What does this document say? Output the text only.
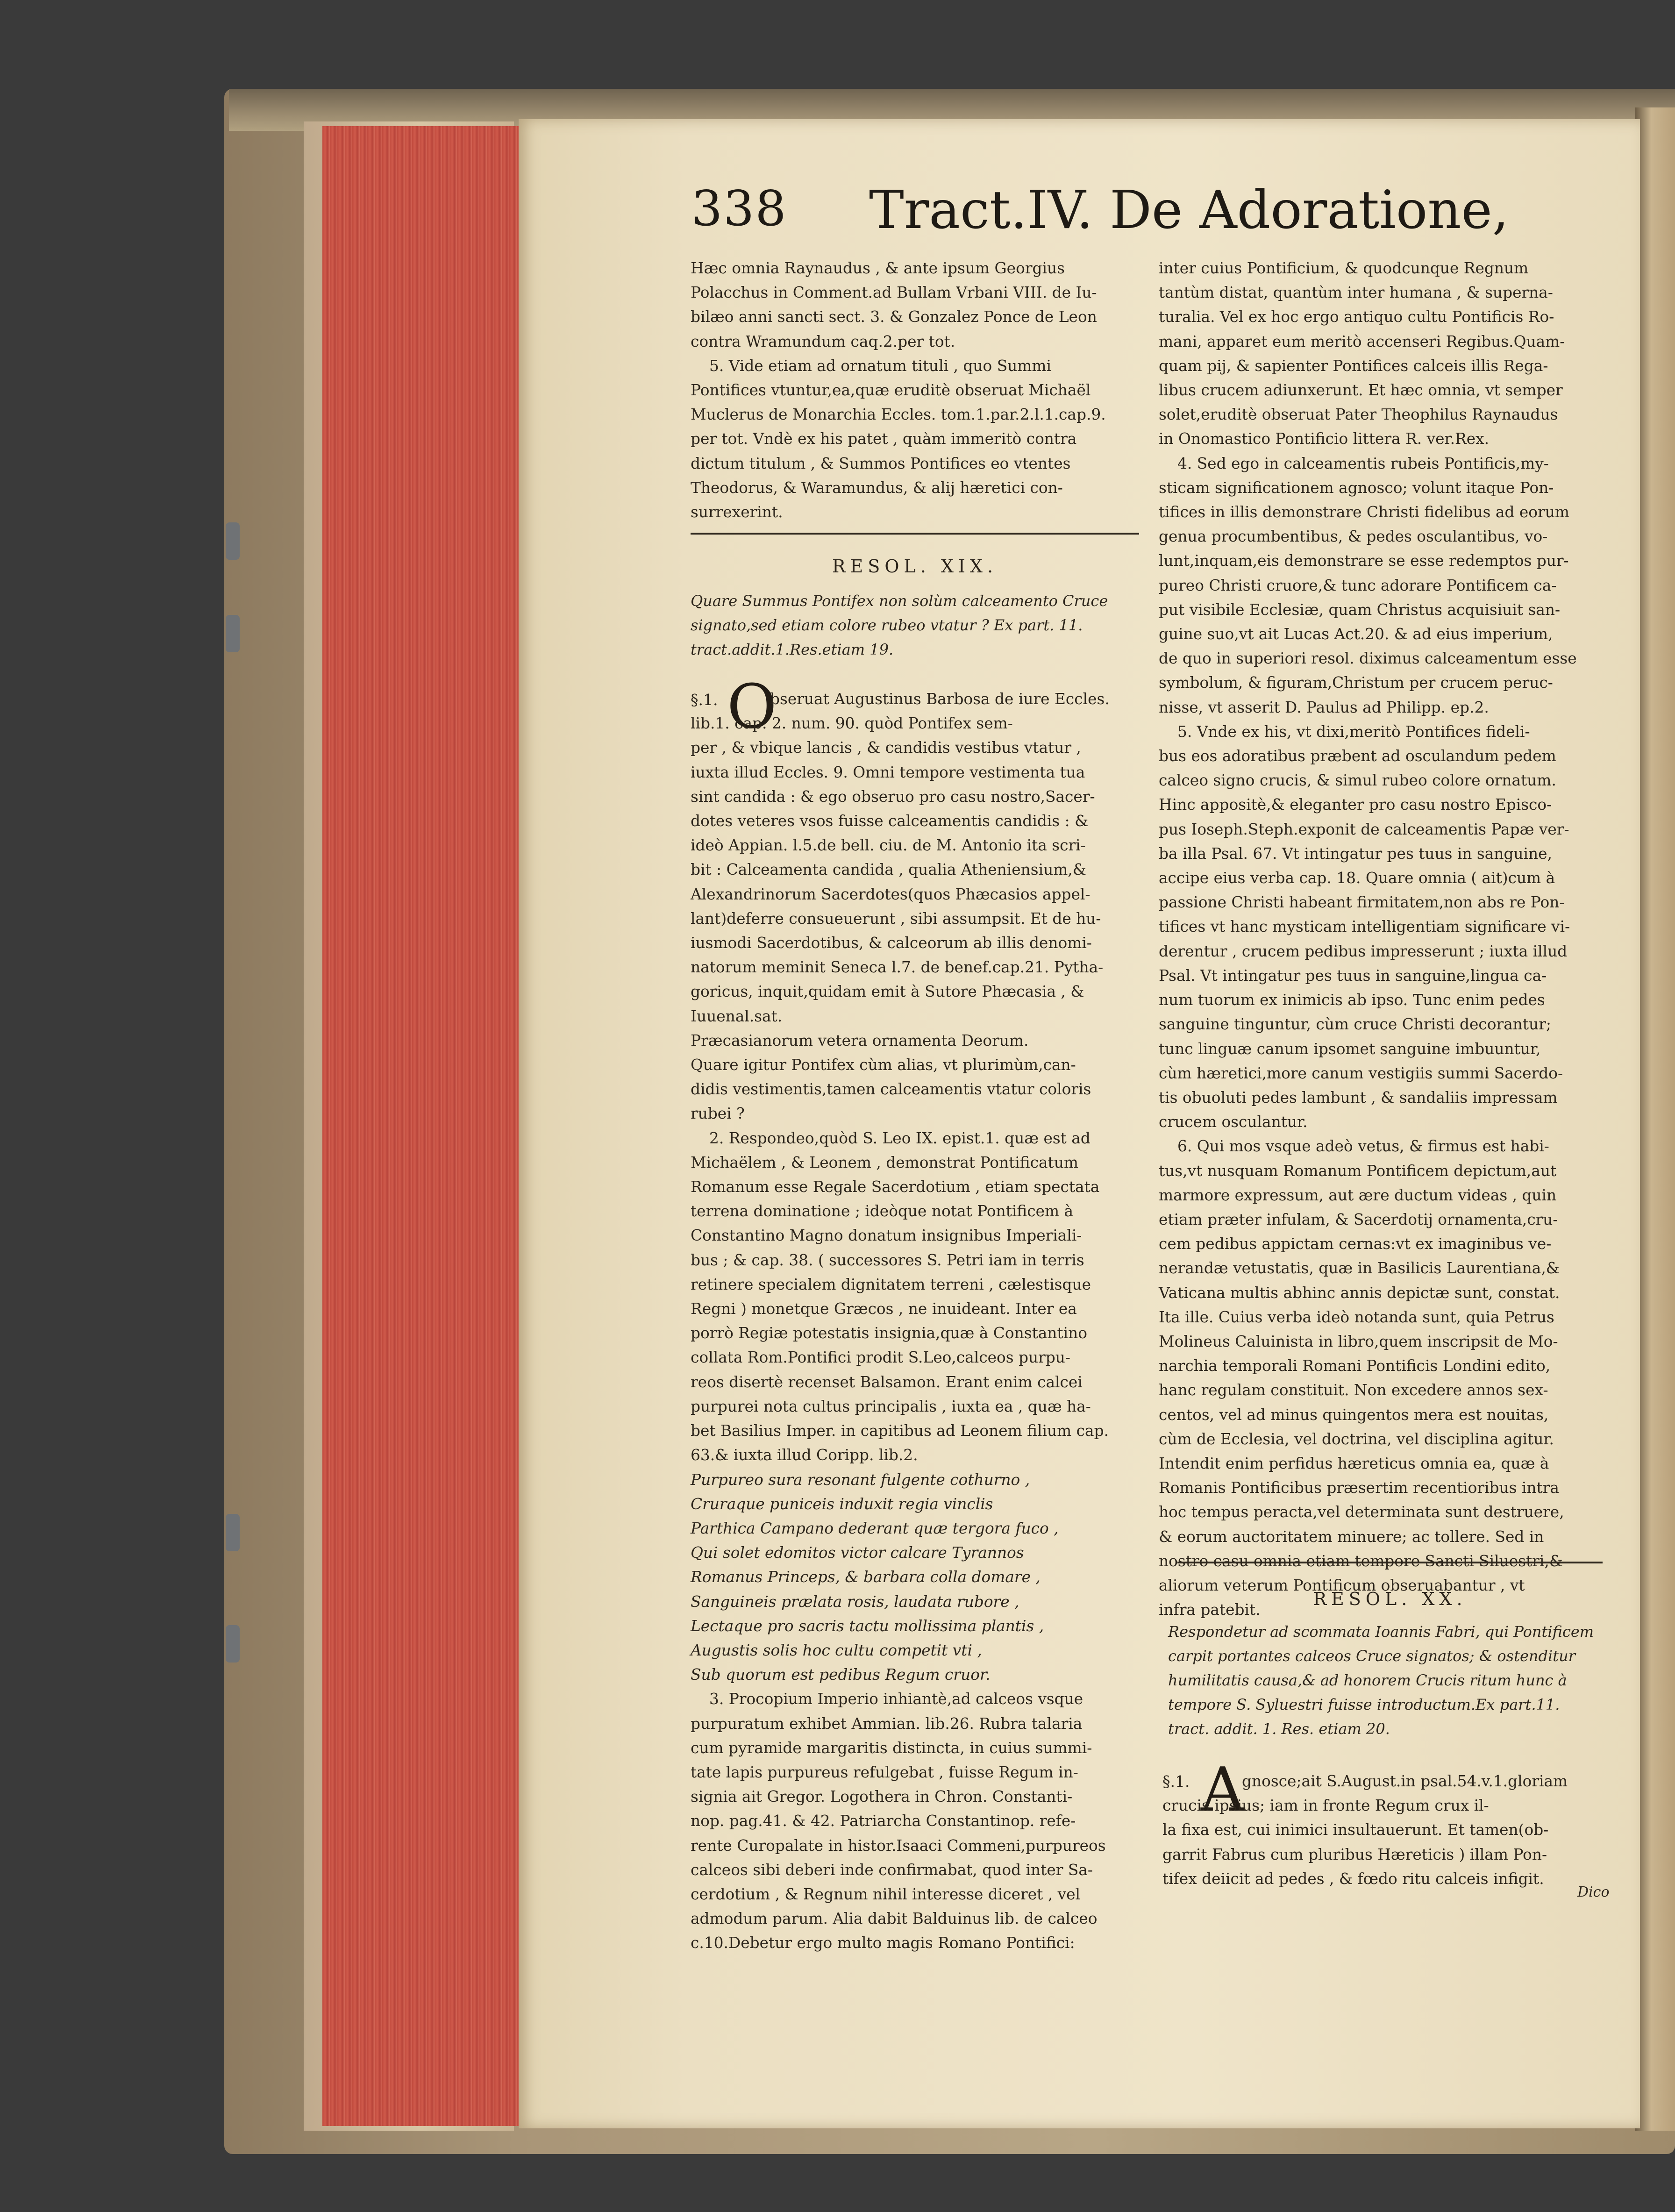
338 Tract.IV. De Adoratione,

Hæc omnia Raynaudus , & ante ipsum Georgius
Polacchus in Comment.ad Bullam Vrbani VIII. de Iu-
bilæo anni sancti sect. 3. & Gonzalez Ponce de Leon
contra Wramundum caq.2.per tot.

5. Vide etiam ad ornatum tituli , quo Summi
Pontifices vtuntur,ea,quæ eruditè obseruat Michaël
Muclerus de Monarchia Eccles. tom.1.par.2.l.1.cap.9.
per tot. Vndè ex his patet , quàm immeritò contra
dictum titulum , & Summos Pontifices eo vtentes
Theodorus, & Waramundus, & alij hæretici con-
surrexerint.

RESOL. XIX.
Quare Summus Pontifex non solùm calceamento Cruce
signato,sed etiam colore rubeo vtatur ? Ex part. 11.
tract.addit.1.Res.etiam 19.
§.1. O

bseruat Augustinus Barbosa de iure Eccles.
lib.1. cap. 2. num. 90. quòd Pontifex sem-
per , & vbique lancis , & candidis vestibus vtatur ,
iuxta illud Eccles. 9. Omni tempore vestimenta tua
sint candida : & ego obseruo pro casu nostro,Sacer-
dotes veteres vsos fuisse calceamentis candidis : &
ideò Appian. l.5.de bell. ciu. de M. Antonio ita scri-
bit : Calceamenta candida , qualia Atheniensium,&
Alexandrinorum Sacerdotes(quos Phæcasios appel-
lant)deferre consueuerunt , sibi assumpsit. Et de hu-
iusmodi Sacerdotibus, & calceorum ab illis denomi-
natorum meminit Seneca l.7. de benef.cap.21. Pytha-
goricus, inquit,quidam emit à Sutore Phæcasia , &
Iuuenal.sat.
Præcasianorum vetera ornamenta Deorum.
Quare igitur Pontifex cùm alias, vt plurimùm,can-
didis vestimentis,tamen calceamentis vtatur coloris
rubei ?

2. Respondeo,quòd S. Leo IX. epist.1. quæ est ad
Michaëlem , & Leonem , demonstrat Pontificatum
Romanum esse Regale Sacerdotium , etiam spectata
terrena dominatione ; ideòque notat Pontificem à
Constantino Magno donatum insignibus Imperiali-
bus ; & cap. 38. ( successores S. Petri iam in terris
retinere specialem dignitatem terreni , cælestisque
Regni ) monetque Græcos , ne inuideant. Inter ea
porrò Regiæ potestatis insignia,quæ à Constantino
collata Rom.Pontifici prodit S.Leo,calceos purpu-
reos disertè recenset Balsamon. Erant enim calcei
purpurei nota cultus principalis , iuxta ea , quæ ha-
bet Basilius Imper. in capitibus ad Leonem filium cap.
63.& iuxta illud Coripp. lib.2.

Purpureo sura resonant fulgente cothurno ,
Cruraque puniceis induxit regia vinclis
Parthica Campano dederant quæ tergora fuco ,
Qui solet edomitos victor calcare Tyrannos
Romanus Princeps, & barbara colla domare ,
Sanguineis prælata rosis, laudata rubore ,
Lectaque pro sacris tactu mollissima plantis ,
Augustis solis hoc cultu competit vti ,
Sub quorum est pedibus Regum cruor.

3. Procopium Imperio inhiantè,ad calceos vsque
purpuratum exhibet Ammian. lib.26. Rubra talaria
cum pyramide margaritis distincta, in cuius summi-
tate lapis purpureus refulgebat , fuisse Regum in-
signia ait Gregor. Logothera in Chron. Constanti-
nop. pag.41. & 42. Patriarcha Constantinop. refe-
rente Curopalate in histor.Isaaci Commeni,purpureos
calceos sibi deberi inde confirmabat, quod inter Sa-
cerdotium , & Regnum nihil interesse diceret , vel
admodum parum. Alia dabit Balduinus lib. de calceo
c.10.Debetur ergo multo magis Romano Pontifici:

inter cuius Pontificium, & quodcunque Regnum
tantùm distat, quantùm inter humana , & superna-
turalia. Vel ex hoc ergo antiquo cultu Pontificis Ro-
mani, apparet eum meritò accenseri Regibus.Quam-
quam pij, & sapienter Pontifices calceis illis Rega-
libus crucem adiunxerunt. Et hæc omnia, vt semper
solet,eruditè obseruat Pater Theophilus Raynaudus
in Onomastico Pontificio littera R. ver.Rex.

4. Sed ego in calceamentis rubeis Pontificis,my-
sticam significationem agnosco; volunt itaque Pon-
tifices in illis demonstrare Christi fidelibus ad eorum
genua procumbentibus, & pedes osculantibus, vo-
lunt,inquam,eis demonstrare se esse redemptos pur-
pureo Christi cruore,& tunc adorare Pontificem ca-
put visibile Ecclesiæ, quam Christus acquisiuit san-
guine suo,vt ait Lucas Act.20. & ad eius imperium,
de quo in superiori resol. diximus calceamentum esse
symbolum, & figuram,Christum per crucem peruc-
nisse, vt asserit D. Paulus ad Philipp. ep.2.

5. Vnde ex his, vt dixi,meritò Pontifices fideli-
bus eos adoratibus præbent ad osculandum pedem
calceo signo crucis, & simul rubeo colore ornatum.
Hinc appositè,& eleganter pro casu nostro Episco-
pus Ioseph.Steph.exponit de calceamentis Papæ ver-
ba illa Psal. 67. Vt intingatur pes tuus in sanguine,
accipe eius verba cap. 18. Quare omnia ( ait)cum à
passione Christi habeant firmitatem,non abs re Pon-
tifices vt hanc mysticam intelligentiam significare vi-
derentur , crucem pedibus impresserunt ; iuxta illud
Psal. Vt intingatur pes tuus in sanguine,lingua ca-
num tuorum ex inimicis ab ipso. Tunc enim pedes
sanguine tinguntur, cùm cruce Christi decorantur;
tunc linguæ canum ipsomet sanguine imbuuntur,
cùm hæretici,more canum vestigiis summi Sacerdo-
tis obuoluti pedes lambunt , & sandaliis impressam
crucem osculantur.

6. Qui mos vsque adeò vetus, & firmus est habi-
tus,vt nusquam Romanum Pontificem depictum,aut
marmore expressum, aut ære ductum videas , quin
etiam præter infulam, & Sacerdotij ornamenta,cru-
cem pedibus appictam cernas:vt ex imaginibus ve-
nerandæ vetustatis, quæ in Basilicis Laurentiana,&
Vaticana multis abhinc annis depictæ sunt, constat.
Ita ille. Cuius verba ideò notanda sunt, quia Petrus
Molineus Caluinista in libro,quem inscripsit de Mo-
narchia temporali Romani Pontificis Londini edito,
hanc regulam constituit. Non excedere annos sex-
centos, vel ad minus quingentos mera est nouitas,
cùm de Ecclesia, vel doctrina, vel disciplina agitur.
Intendit enim perfidus hæreticus omnia ea, quæ à
Romanis Pontificibus præsertim recentioribus intra
hoc tempus peracta,vel determinata sunt destruere,
& eorum auctoritatem minuere; ac tollere. Sed in
nostro casu omnia etiam tempore Sancti Siluestri,&
aliorum veterum Pontificum obseruabantur , vt
infra patebit.

RESOL. XX.
Respondetur ad scommata Ioannis Fabri, qui Pontificem
carpit portantes calceos Cruce signatos; & ostenditur
humilitatis causa,& ad honorem Crucis ritum hunc à
tempore S. Syluestri fuisse introductum.Ex part.11.
tract. addit. 1. Res. etiam 20.
§.1. A

gnosce;ait S.August.in psal.54.v.1.gloriam
crucis ipsius; iam in fronte Regum crux il-
la fixa est, cui inimici insultauerunt. Et tamen(ob-
garrit Fabrus cum pluribus Hæreticis ) illam Pon-
tifex deiicit ad pedes , & fœdo ritu calceis infigit.

Dico
